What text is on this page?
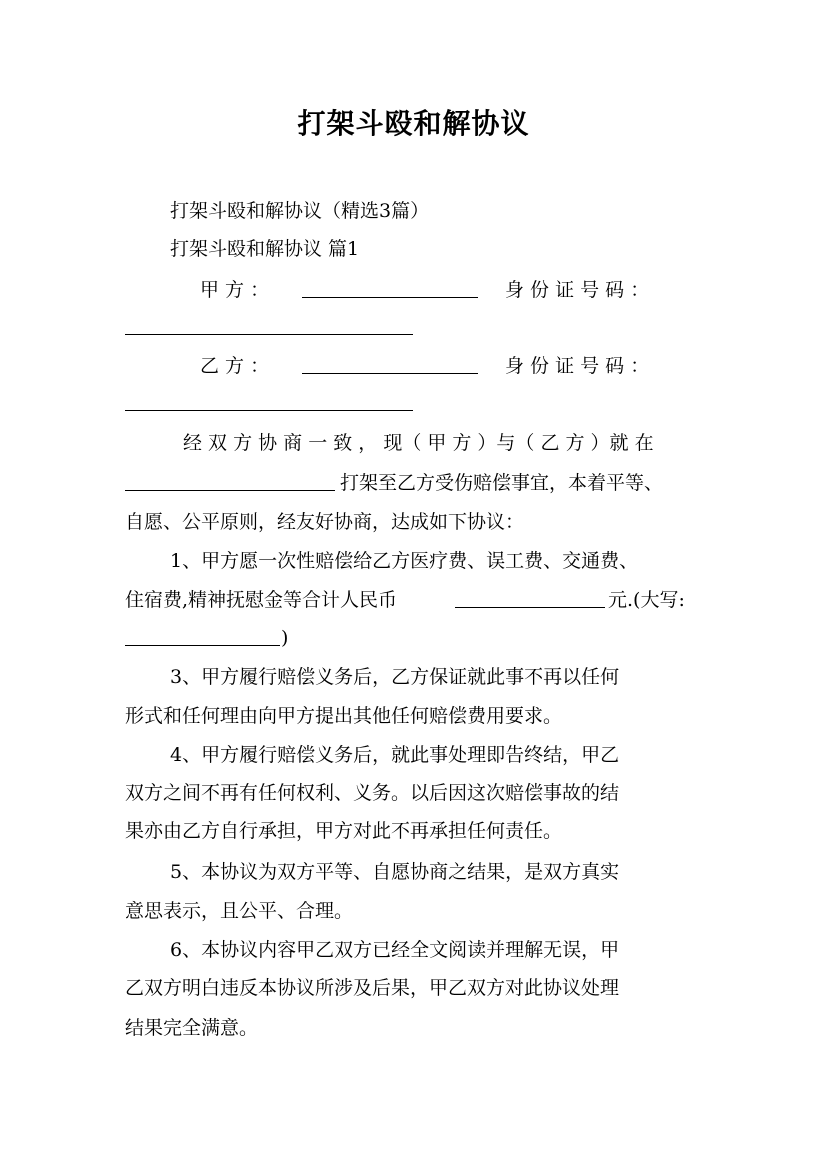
打架斗殴和解协议

打架斗殴和解协议（精选3篇）

打架斗殴和解协议 篇1

甲 方 ：	身 份 证 号 码 ：

乙 方 ：	身 份 证 号 码 ：

经 双 方 协 商 一 致 ， 现（ 甲 方 ）与（ 乙 方 ）就 在

打架至乙方受伤赔偿事宜，本着平等、

自愿、公平原则，经友好协商，达成如下协议：

1、甲方愿一次性赔偿给乙方医疗费、误工费、交通费、

住宿费,精神抚慰金等合计人民币	元.(大写:

)

3、甲方履行赔偿义务后，乙方保证就此事不再以任何

形式和任何理由向甲方提出其他任何赔偿费用要求。

4、甲方履行赔偿义务后，就此事处理即告终结，甲乙

双方之间不再有任何权利、义务。以后因这次赔偿事故的结

果亦由乙方自行承担，甲方对此不再承担任何责任。

5、本协议为双方平等、自愿协商之结果，是双方真实

意思表示，且公平、合理。

6、本协议内容甲乙双方已经全文阅读并理解无误，甲

乙双方明白违反本协议所涉及后果，甲乙双方对此协议处理

结果完全满意。
